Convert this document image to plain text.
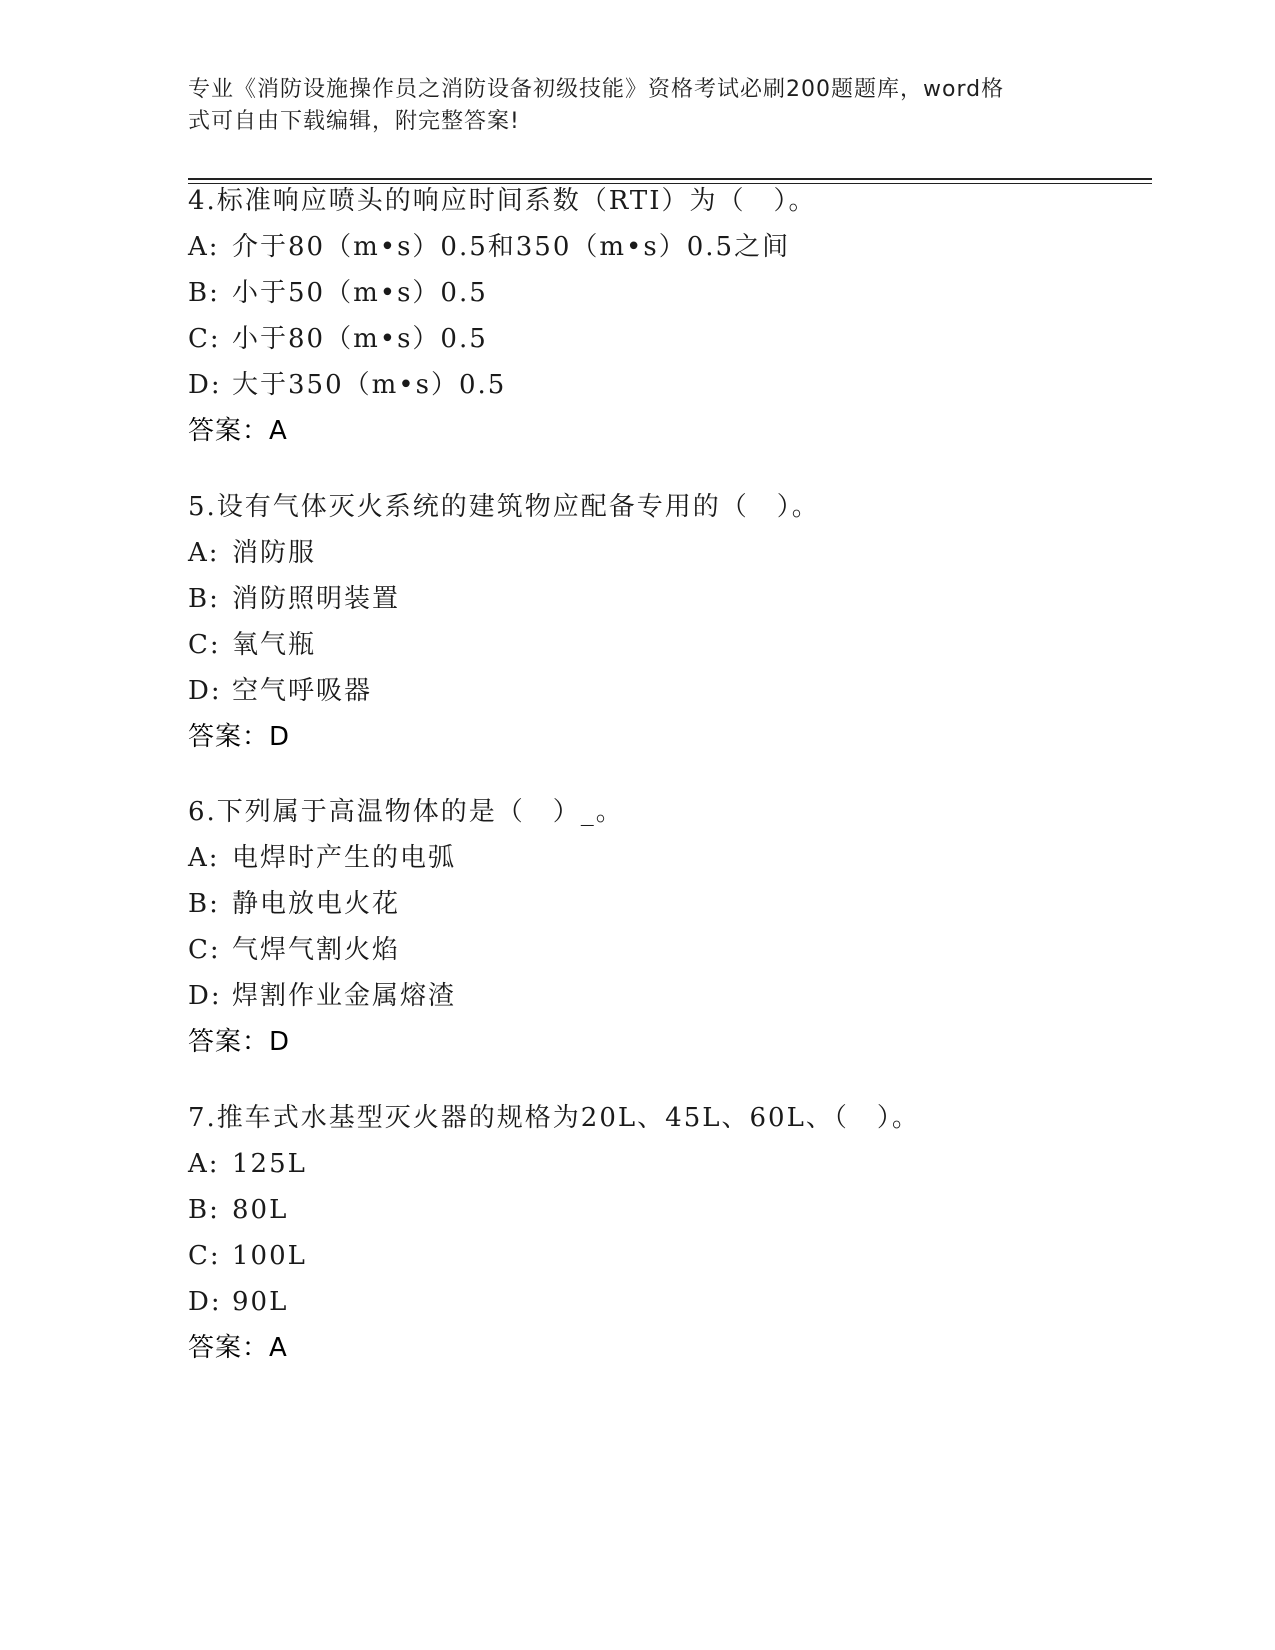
专业《消防设施操作员之消防设备初级技能》资格考试必刷200题题库，word格
式可自由下载编辑，附完整答案!
4.标准响应喷头的响应时间系数（RTI）为（　）。
A: 介于80（m•s）0.5和350（m•s）0.5之间
B: 小于50（m•s）0.5
C: 小于80（m•s）0.5
D: 大于350（m•s）0.5
答案：A
5.设有气体灭火系统的建筑物应配备专用的（　）。
A: 消防服
B: 消防照明装置
C: 氧气瓶
D: 空气呼吸器
答案：D
6.下列属于高温物体的是（　）_。
A: 电焊时产生的电弧
B: 静电放电火花
C: 气焊气割火焰
D: 焊割作业金属熔渣
答案：D
7.推车式水基型灭火器的规格为20L、45L、60L、（　）。
A: 125L
B: 80L
C: 100L
D: 90L
答案：A
